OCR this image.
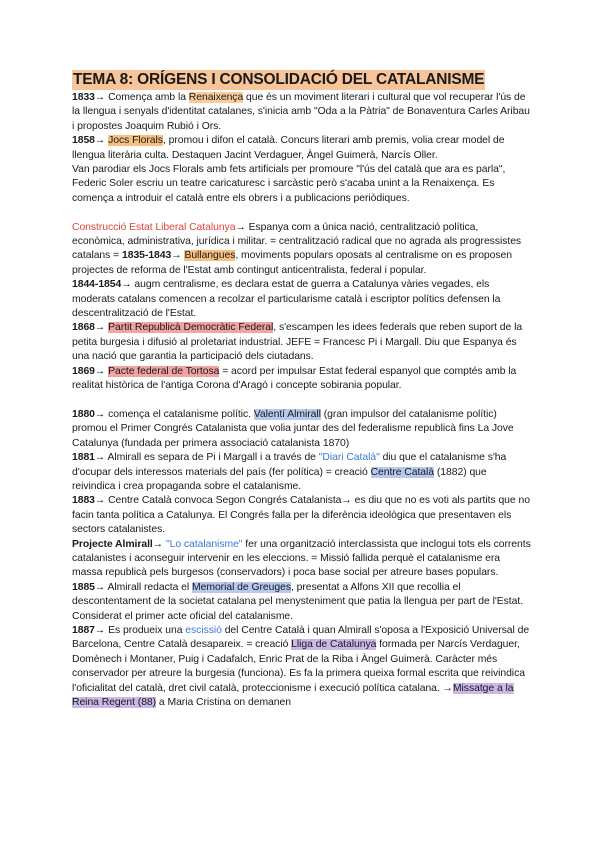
TEMA 8: ORÍGENS I CONSOLIDACIÓ DEL CATALANISME

1833→ Comença amb la Renaixença que és un moviment literari i cultural que vol recuperar l'ús de la llengua i senyals d'identitat catalanes, s'inicia amb "Oda a la Pàtria" de Bonaventura Carles Aribau i propostes Joaquim Rubió i Ors.

1858→ Jocs Florals, promou i difon el català. Concurs literari amb premis, volia crear model de llengua literària culta. Destaquen Jacint Verdaguer, Àngel Guimerà, Narcís Oller.

Van parodiar els Jocs Florals amb fets artificials per promoure "l'ús del català que ara es parla", Federic Soler escriu un teatre caricaturesc i sarcàstic però s'acaba unint a la Renaixença. Es comença a introduir el català entre els obrers i a publicacions periòdiques.

Construcció Estat Liberal Catalunya→ Espanya com a única nació, centralització política, econòmica, administrativa, jurídica i militar. = centralització radical que no agrada als progressistes catalans = 1835-1843→ Bullangues, moviments populars oposats al centralisme on es proposen projectes de reforma de l'Estat amb contingut anticentralista, federal i popular.

1844-1854→ augm centralisme, es declara estat de guerra a Catalunya vàries vegades, els moderats catalans comencen a recolzar el particularisme català i escriptor polítics defensen la descentralització de l'Estat.

1868→ Partit Republicà Democràtic Federal, s'escampen les idees federals que reben suport de la petita burgesia i difusió al proletariat industrial. JEFE = Francesc Pi i Margall. Diu que Espanya és una nació que garantia la participació dels ciutadans.

1869→ Pacte federal de Tortosa = acord per impulsar Estat federal espanyol que comptés amb la realitat històrica de l'antiga Corona d'Aragó i concepte sobirania popular.

1880→ comença el catalanisme polític. Valentí Almirall (gran impulsor del catalanisme polític) promou el Primer Congrés Catalanista que volia juntar des del federalisme republicà fins La Jove Catalunya (fundada per primera associació catalanista 1870)

1881→ Almirall es separa de Pi i Margall i a través de "Diari Català" diu que el catalanisme s'ha d'ocupar dels interessos materials del país (fer política) = creació Centre Català (1882) que reivindica i crea propaganda sobre el catalanisme.

1883→ Centre Català convoca Segon Congrés Catalanista→ es diu que no es voti als partits que no facin tanta política a Catalunya. El Congrés falla per la diferència ideològica que presentaven els sectors catalanistes.

Projecte Almirall→ "Lo catalanisme" fer una organització interclassista que inclogui tots els corrents catalanistes i aconseguir intervenir en les eleccions. = Missió fallida perquè el catalanisme era massa republicà pels burgesos (conservadors) i poca base social per atreure bases populars.

1885→ Almirall redacta el Memorial de Greuges, presentat a Alfons XII que recollia el descontentament de la societat catalana pel menysteniment que patia la llengua per part de l'Estat. Considerat el primer acte oficial del catalanisme.

1887→ Es produeix una escissió del Centre Català i quan Almirall s'oposa a l'Exposició Universal de Barcelona, Centre Català desapareix. = creació Lliga de Catalunya formada per Narcís Verdaguer, Domènech i Montaner, Puig i Cadafalch, Enric Prat de la Riba i Àngel Guimerà. Caràcter més conservador per atreure la burgesia (funciona). Es fa la primera queixa formal escrita que reivindica l'oficialitat del català, dret civil català, proteccionisme i execució política catalana. →Missatge a la Reina Regent (88) a Maria Cristina on demanen
